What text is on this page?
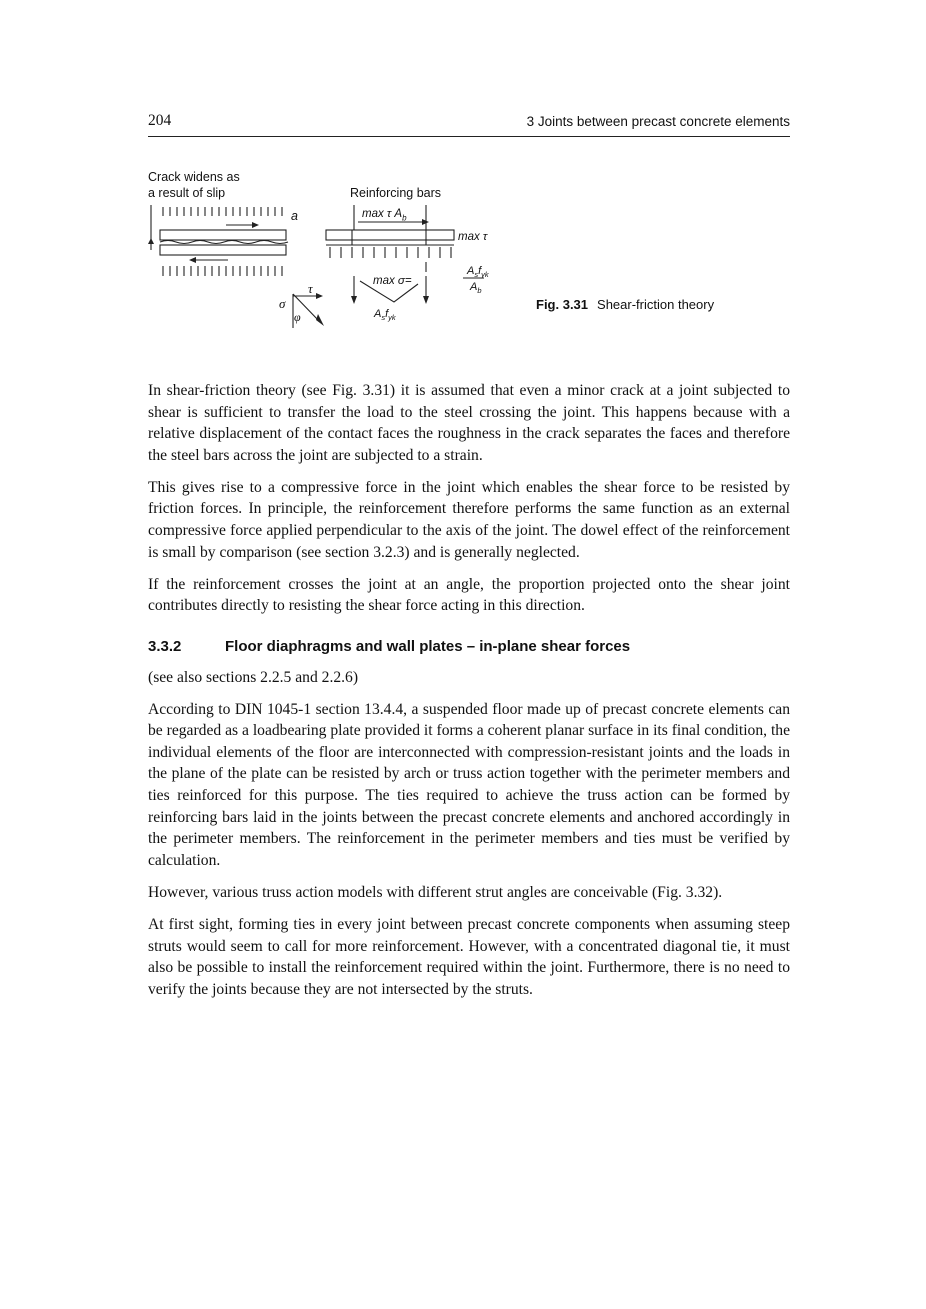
204	3 Joints between precast concrete elements
Crack widens as
a result of slip	Reinforcing bars
a	max τ $A_b$
max τ
max σ=
$A_sf_{yk}$
$A_b$
$A_sf_{yk}$
τ
σ
φ
Fig. 3.31 Shear-friction theory

In shear-friction theory (see Fig. 3.31) it is assumed that even a minor crack at a joint subjected to shear is sufficient to transfer the load to the steel crossing the joint. This happens because with a relative displacement of the contact faces the roughness in the crack separates the faces and therefore the steel bars across the joint are subjected to a strain.

This gives rise to a compressive force in the joint which enables the shear force to be resisted by friction forces. In principle, the reinforcement therefore performs the same function as an external compressive force applied perpendicular to the axis of the joint. The dowel effect of the reinforcement is small by comparison (see section 3.2.3) and is generally neglected.

If the reinforcement crosses the joint at an angle, the proportion projected onto the shear joint contributes directly to resisting the shear force acting in this direction.

3.3.2	Floor diaphragms and wall plates – in-plane shear forces

(see also sections 2.2.5 and 2.2.6)

According to DIN 1045-1 section 13.4.4, a suspended floor made up of precast concrete elements can be regarded as a loadbearing plate provided it forms a coherent planar surface in its final condition, the individual elements of the floor are interconnected with compression-resistant joints and the loads in the plane of the plate can be resisted by arch or truss action together with the perimeter members and ties reinforced for this purpose. The ties required to achieve the truss action can be formed by reinforcing bars laid in the joints between the precast concrete elements and anchored accordingly in the perimeter members. The reinforcement in the perimeter members and ties must be verified by calculation.

However, various truss action models with different strut angles are conceivable (Fig. 3.32).

At first sight, forming ties in every joint between precast concrete components when assuming steep struts would seem to call for more reinforcement. However, with a concentrated diagonal tie, it must also be possible to install the reinforcement required within the joint. Furthermore, there is no need to verify the joints because they are not intersected by the struts.
